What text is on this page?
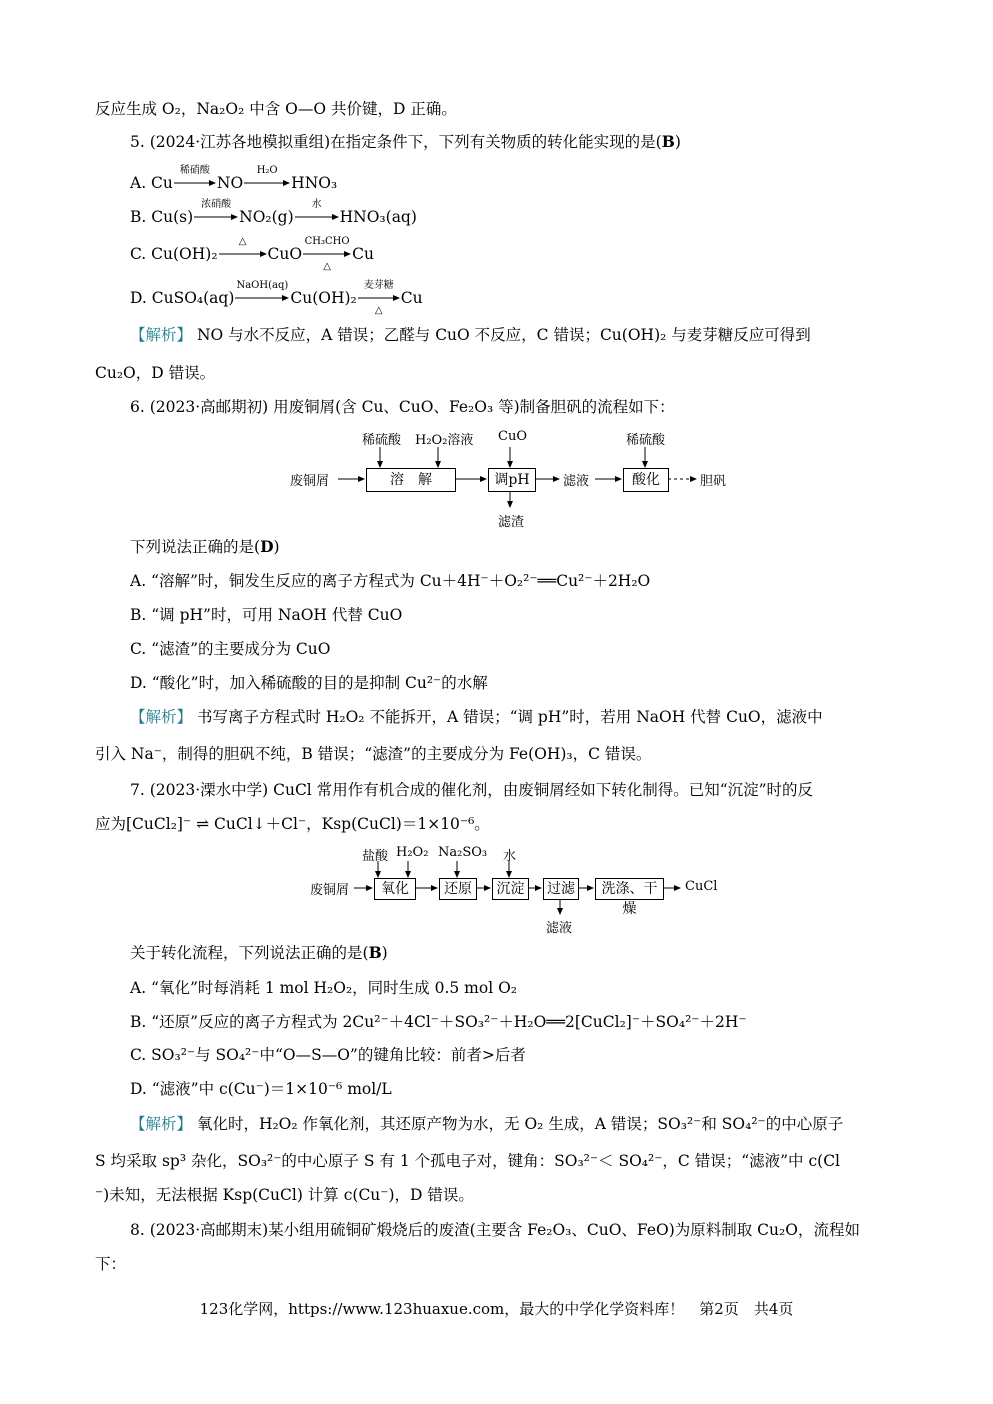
反应生成 O₂，Na₂O₂ 中含 O—O 共价键，D 正确。
5. (2024·江苏各地模拟重组)在指定条件下，下列有关物质的转化能实现的是(B)
A. Cu
稀硝酸
NO
H₂O
HNO₃
B. Cu(s)
浓硝酸
NO₂(g)
水
HNO₃(aq)
C. Cu(OH)₂
△
CuO
CH₃CHO
△
Cu
D. CuSO₄(aq)
NaOH(aq)
Cu(OH)₂
麦芽糖
△
Cu
【解析】 NO 与水不反应，A 错误；乙醛与 CuO 不反应，C 错误；Cu(OH)₂ 与麦芽糖反应可得到
Cu₂O，D 错误。
6. (2023·高邮期初) 用废铜屑(含 Cu、CuO、Fe₂O₃ 等)制备胆矾的流程如下：
废铜屑
稀硫酸 H₂O₂溶液 CuO	稀硫酸
溶　解	调pH	滤液	酸化
滤渣
胆矾
下列说法正确的是(D)
A. “溶解”时，铜发生反应的离子方程式为 Cu＋4H⁻＋O₂²⁻══Cu²⁻＋2H₂O
B. “调 pH”时，可用 NaOH 代替 CuO
C. “滤渣”的主要成分为 CuO
D. “酸化”时，加入稀硫酸的目的是抑制 Cu²⁻的水解
【解析】 书写离子方程式时 H₂O₂ 不能拆开，A 错误；“调 pH”时，若用 NaOH 代替 CuO，滤液中
引入 Na⁻，制得的胆矾不纯，B 错误；“滤渣”的主要成分为 Fe(OH)₃，C 错误。
7. (2023·溧水中学) CuCl 常用作有机合成的催化剂，由废铜屑经如下转化制得。已知“沉淀”时的反
应为[CuCl₂]⁻ ⇌ CuCl↓＋Cl⁻，Ksp(CuCl)＝1×10⁻⁶。
废铜屑
盐酸 H₂O₂ Na₂SO₃ 水
氧化	还原	沉淀	过滤	洗涤、干燥
滤液
CuCl
关于转化流程，下列说法正确的是(B)
A. “氧化”时每消耗 1 mol H₂O₂，同时生成 0.5 mol O₂
B. “还原”反应的离子方程式为 2Cu²⁻＋4Cl⁻＋SO₃²⁻＋H₂O══2[CuCl₂]⁻＋SO₄²⁻＋2H⁻
C. SO₃²⁻与 SO₄²⁻中“O—S—O”的键角比较：前者>后者
D. “滤液”中 c(Cu⁻)＝1×10⁻⁶ mol/L
【解析】 氧化时，H₂O₂ 作氧化剂，其还原产物为水，无 O₂ 生成，A 错误；SO₃²⁻和 SO₄²⁻的中心原子
S 均采取 sp³ 杂化，SO₃²⁻的中心原子 S 有 1 个孤电子对，键角：SO₃²⁻＜ SO₄²⁻，C 错误；“滤液”中 c(Cl
⁻)未知，无法根据 Ksp(CuCl) 计算 c(Cu⁻)，D 错误。
8. (2023·高邮期末)某小组用硫铜矿煅烧后的废渣(主要含 Fe₂O₃、CuO、FeO)为原料制取 Cu₂O，流程如
下：
123化学网，https://www.123huaxue.com，最大的中学化学资料库！　第2页　共4页
